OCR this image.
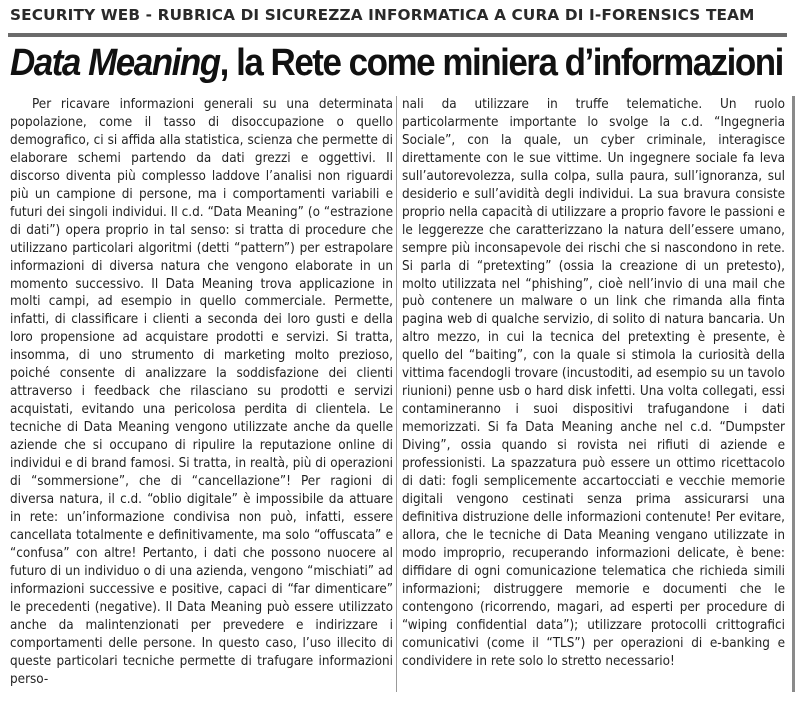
SECURITY WEB - RUBRICA DI SICUREZZA INFORMATICA A CURA DI I-FORENSICS TEAM
Data Meaning, la Rete come miniera d’informazioni
Per ricavare informazioni generali su una determinata popolazione, come il tasso di disoccupazione o quello demografico, ci si affida alla statistica, scienza che permette di elaborare schemi partendo da dati grezzi e oggettivi. Il discorso diventa più complesso laddove l’analisi non riguardi più un campione di persone, ma i comportamenti variabili e futuri dei singoli individui. Il c.d. “Data Meaning” (o “estrazione di dati”) opera proprio in tal senso: si tratta di procedure che utilizzano particolari algoritmi (detti “pattern”) per estrapolare informazioni di diversa natura che vengono elaborate in un momento successivo. Il Data Meaning trova applicazione in molti campi, ad esempio in quello commerciale. Permette, infatti, di classificare i clienti a seconda dei loro gusti e della loro propensione ad acquistare prodotti e servizi. Si tratta, insomma, di uno strumento di marketing molto prezioso, poiché consente di analizzare la soddisfazione dei clienti attraverso i feedback che rilasciano su prodotti e servizi acquistati, evitando una pericolosa perdita di clientela. Le tecniche di Data Meaning vengono utilizzate anche da quelle aziende che si occupano di ripulire la reputazione online di individui e di brand famosi. Si tratta, in realtà, più di operazioni di “sommersione”, che di “cancellazione”! Per ragioni di diversa natura, il c.d. “oblio digitale” è impossibile da attuare in rete: un’informazione condivisa non può, infatti, essere cancellata totalmente e definitivamente, ma solo “offuscata” e “confusa” con altre! Pertanto, i dati che possono nuocere al futuro di un individuo o di una azienda, vengono “mischiati” ad informazioni successive e positive, capaci di “far dimenticare” le precedenti (negative). Il Data Meaning può essere utilizzato anche da malintenzionati per prevedere e indirizzare i comportamenti delle persone. In questo caso, l’uso illecito di queste particolari tecniche permette di trafugare informazioni perso-
nali da utilizzare in truffe telematiche. Un ruolo particolarmente importante lo svolge la c.d. “Ingegneria Sociale”, con la quale, un cyber criminale, interagisce direttamente con le sue vittime. Un ingegnere sociale fa leva sull’autorevolezza, sulla colpa, sulla paura, sull’ignoranza, sul desiderio e sull’avidità degli individui. La sua bravura consiste proprio nella capacità di utilizzare a proprio favore le passioni e le leggerezze che caratterizzano la natura dell’essere umano, sempre più inconsapevole dei rischi che si nascondono in rete. Si parla di “pretexting” (ossia la creazione di un pretesto), molto utilizzata nel “phishing”, cioè nell’invio di una mail che può contenere un malware o un link che rimanda alla finta pagina web di qualche servizio, di solito di natura bancaria. Un altro mezzo, in cui la tecnica del pretexting è presente, è quello del “baiting”, con la quale si stimola la curiosità della vittima facendogli trovare (incustoditi, ad esempio su un tavolo riunioni) penne usb o hard disk infetti. Una volta collegati, essi contamineranno i suoi dispositivi trafugandone i dati memorizzati. Si fa Data Meaning anche nel c.d. “Dumpster Diving”, ossia quando si rovista nei rifiuti di aziende e professionisti. La spazzatura può essere un ottimo ricettacolo di dati: fogli semplicemente accartocciati e vecchie memorie digitali vengono cestinati senza prima assicurarsi una definitiva distruzione delle informazioni contenute! Per evitare, allora, che le tecniche di Data Meaning vengano utilizzate in modo improprio, recuperando informazioni delicate, è bene: diffidare di ogni comunicazione telematica che richieda simili informazioni; distruggere memorie e documenti che le contengono (ricorrendo, magari, ad esperti per procedure di “wiping confidential data”); utilizzare protocolli crittografici comunicativi (come il “TLS”) per operazioni di e-banking e condividere in rete solo lo stretto necessario!
